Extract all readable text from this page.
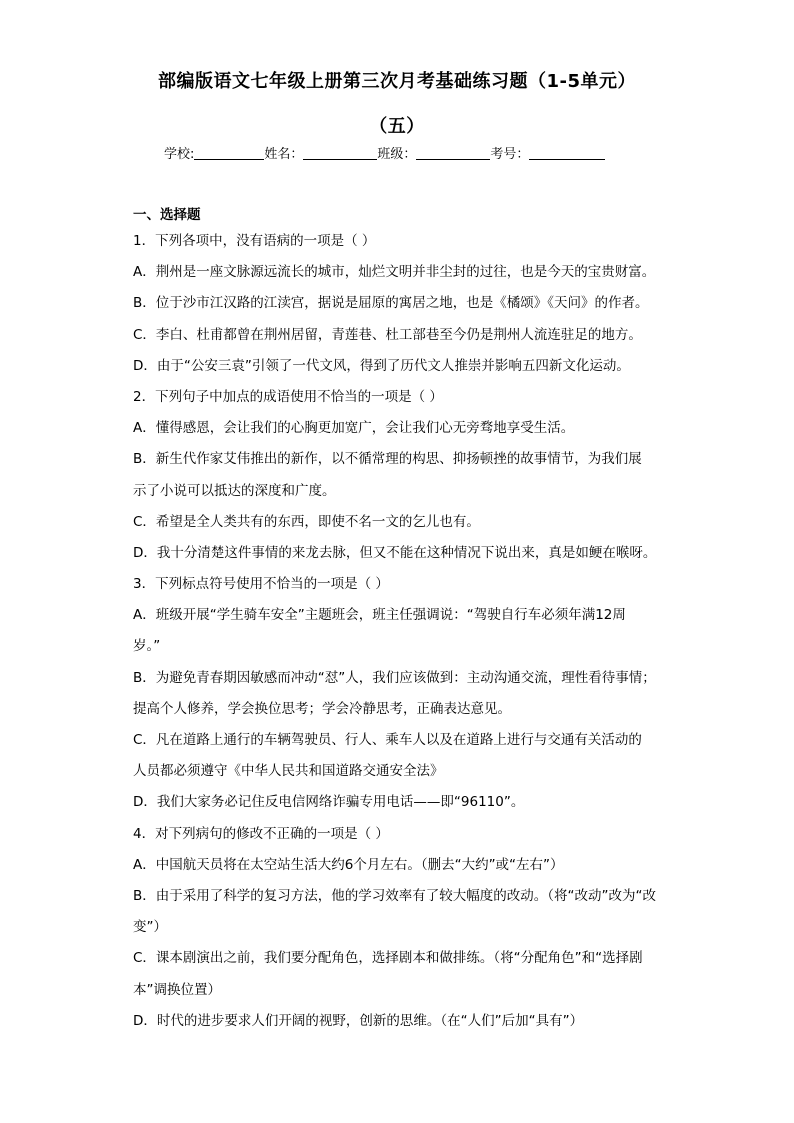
部编版语文七年级上册第三次月考基础练习题（1-5单元）
（五）
学校:	姓名：	班级：	考号：
一、选择题
1．下列各项中，没有语病的一项是（ ）
A．荆州是一座文脉源远流长的城市，灿烂文明并非尘封的过往，也是今天的宝贵财富。
B．位于沙市江汉路的江渎宫，据说是屈原的寓居之地，也是《橘颂》《天问》的作者。
C．李白、杜甫都曾在荆州居留，青莲巷、杜工部巷至今仍是荆州人流连驻足的地方。
D．由于“公安三袁”引领了一代文风，得到了历代文人推崇并影响五四新文化运动。
2．下列句子中加点的成语使用不恰当的一项是（ ）
A．懂得感恩，会让我们的心胸更加宽广，会让我们心无旁骛地享受生活。
B．新生代作家艾伟推出的新作，以不循常理的构思、抑扬顿挫的故事情节，为我们展
示了小说可以抵达的深度和广度。
C．希望是全人类共有的东西，即使不名一文的乞儿也有。
D．我十分清楚这件事情的来龙去脉，但又不能在这种情况下说出来，真是如鲠在喉呀。
3．下列标点符号使用不恰当的一项是（ ）
A．班级开展“学生骑车安全”主题班会，班主任强调说：“驾驶自行车必须年满12周
岁。”
B．为避免青春期因敏感而冲动“怼”人，我们应该做到：主动沟通交流，理性看待事情；
提高个人修养，学会换位思考；学会冷静思考，正确表达意见。
C．凡在道路上通行的车辆驾驶员、行人、乘车人以及在道路上进行与交通有关活动的
人员都必须遵守《中华人民共和国道路交通安全法》
D．我们大家务必记住反电信网络诈骗专用电话——即“96110”。
4．对下列病句的修改不正确的一项是（ ）
A．中国航天员将在太空站生活大约6个月左右。（删去“大约”或“左右”）
B．由于采用了科学的复习方法，他的学习效率有了较大幅度的改动。（将“改动”改为“改
变”）
C．课本剧演出之前，我们要分配角色，选择剧本和做排练。（将“分配角色”和“选择剧
本”调换位置）
D．时代的进步要求人们开阔的视野，创新的思维。（在“人们”后加“具有”）
